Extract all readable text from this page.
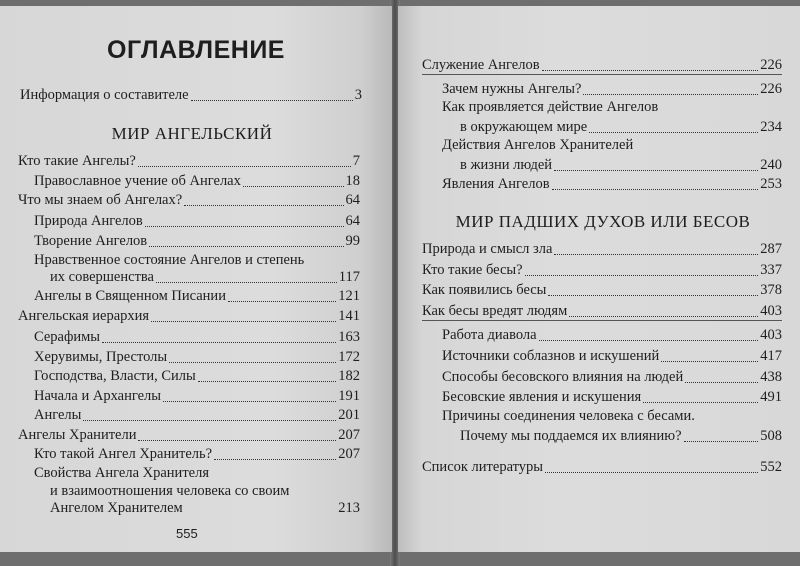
ОГЛАВЛЕНИЕ
Информация о составителе	3
МИР АНГЕЛЬСКИЙ
Кто такие Ангелы?	7
Православное учение об Ангелах	18
Что мы знаем об Ангелах?	64
Природа Ангелов	64
Творение Ангелов	99
Нравственное состояние Ангелов и степень
их совершенства	117
Ангелы в Священном Писании	121
Ангельская иерархия	141
Серафимы	163
Херувимы, Престолы	172
Господства, Власти, Силы	182
Начала и Архангелы	191
Ангелы	201
Ангелы Хранители	207
Кто такой Ангел Хранитель?	207
Свойства Ангела Хранителя
и взаимоотношения человека со своим
Ангелом Хранителем	213
555
Служение Ангелов	226
Зачем нужны Ангелы?	226
Как проявляется действие Ангелов
в окружающем мире	234
Действия Ангелов Хранителей
в жизни людей	240
Явления Ангелов	253
МИР ПАДШИХ ДУХОВ ИЛИ БЕСОВ
Природа и смысл зла	287
Кто такие бесы?	337
Как появились бесы	378
Как бесы вредят людям	403
Работа диавола	403
Источники соблазнов и искушений	417
Способы бесовского влияния на людей	438
Бесовские явления и искушения	491
Причины соединения человека с бесами.
Почему мы поддаемся их влиянию?	508
Список литературы	552
